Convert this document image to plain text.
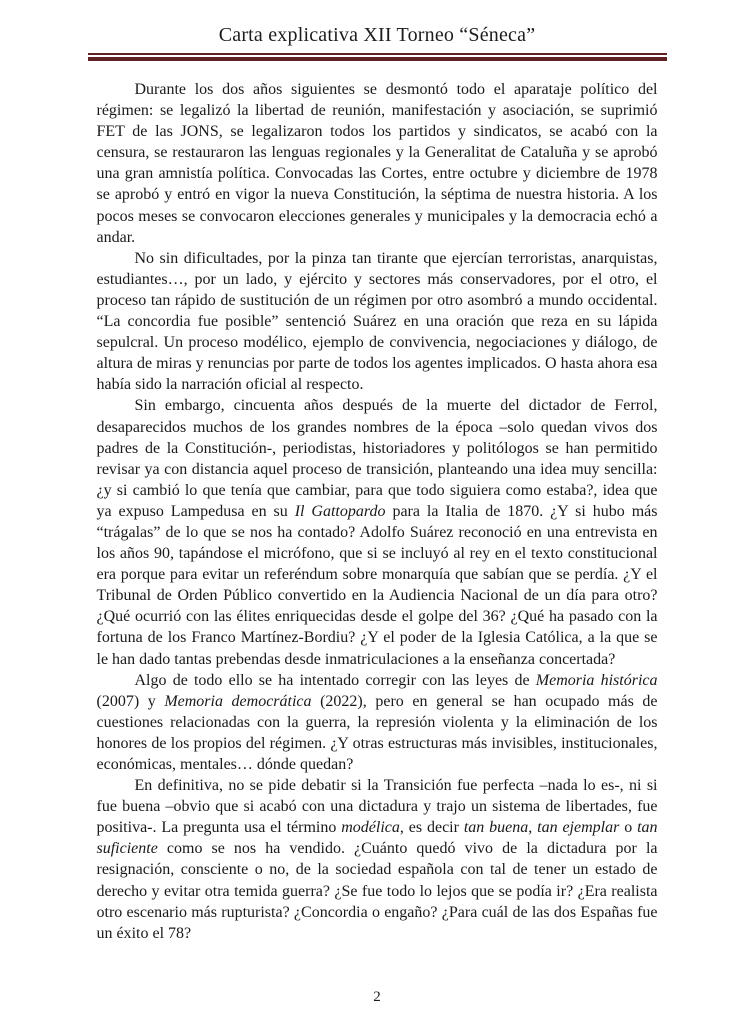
Carta explicativa XII Torneo “Séneca”

Durante los dos años siguientes se desmontó todo el aparataje político del régimen: se legalizó la libertad de reunión, manifestación y asociación, se suprimió FET de las JONS, se legalizaron todos los partidos y sindicatos, se acabó con la censura, se restauraron las lenguas regionales y la Generalitat de Cataluña y se aprobó una gran amnistía política. Convocadas las Cortes, entre octubre y diciembre de 1978 se aprobó y entró en vigor la nueva Constitución, la séptima de nuestra historia. A los pocos meses se convocaron elecciones generales y municipales y la democracia echó a andar.

No sin dificultades, por la pinza tan tirante que ejercían terroristas, anarquistas, estudiantes…, por un lado, y ejército y sectores más conservadores, por el otro, el proceso tan rápido de sustitución de un régimen por otro asombró a mundo occidental. “La concordia fue posible” sentenció Suárez en una oración que reza en su lápida sepulcral. Un proceso modélico, ejemplo de convivencia, negociaciones y diálogo, de altura de miras y renuncias por parte de todos los agentes implicados. O hasta ahora esa había sido la narración oficial al respecto.

Sin embargo, cincuenta años después de la muerte del dictador de Ferrol, desaparecidos muchos de los grandes nombres de la época –solo quedan vivos dos padres de la Constitución-, periodistas, historiadores y politólogos se han permitido revisar ya con distancia aquel proceso de transición, planteando una idea muy sencilla: ¿y si cambió lo que tenía que cambiar, para que todo siguiera como estaba?, idea que ya expuso Lampedusa en su Il Gattopardo para la Italia de 1870. ¿Y si hubo más “trágalas” de lo que se nos ha contado? Adolfo Suárez reconoció en una entrevista en los años 90, tapándose el micrófono, que si se incluyó al rey en el texto constitucional era porque para evitar un referéndum sobre monarquía que sabían que se perdía. ¿Y el Tribunal de Orden Público convertido en la Audiencia Nacional de un día para otro? ¿Qué ocurrió con las élites enriquecidas desde el golpe del 36? ¿Qué ha pasado con la fortuna de los Franco Martínez-Bordiu? ¿Y el poder de la Iglesia Católica, a la que se le han dado tantas prebendas desde inmatriculaciones a la enseñanza concertada?

Algo de todo ello se ha intentado corregir con las leyes de Memoria histórica (2007) y Memoria democrática (2022), pero en general se han ocupado más de cuestiones relacionadas con la guerra, la represión violenta y la eliminación de los honores de los propios del régimen. ¿Y otras estructuras más invisibles, institucionales, económicas, mentales… dónde quedan?

En definitiva, no se pide debatir si la Transición fue perfecta –nada lo es-, ni si fue buena –obvio que si acabó con una dictadura y trajo un sistema de libertades, fue positiva-. La pregunta usa el término modélica, es decir tan buena, tan ejemplar o tan suficiente como se nos ha vendido. ¿Cuánto quedó vivo de la dictadura por la resignación, consciente o no, de la sociedad española con tal de tener un estado de derecho y evitar otra temida guerra? ¿Se fue todo lo lejos que se podía ir? ¿Era realista otro escenario más rupturista? ¿Concordia o engaño? ¿Para cuál de las dos Españas fue un éxito el 78?

2
